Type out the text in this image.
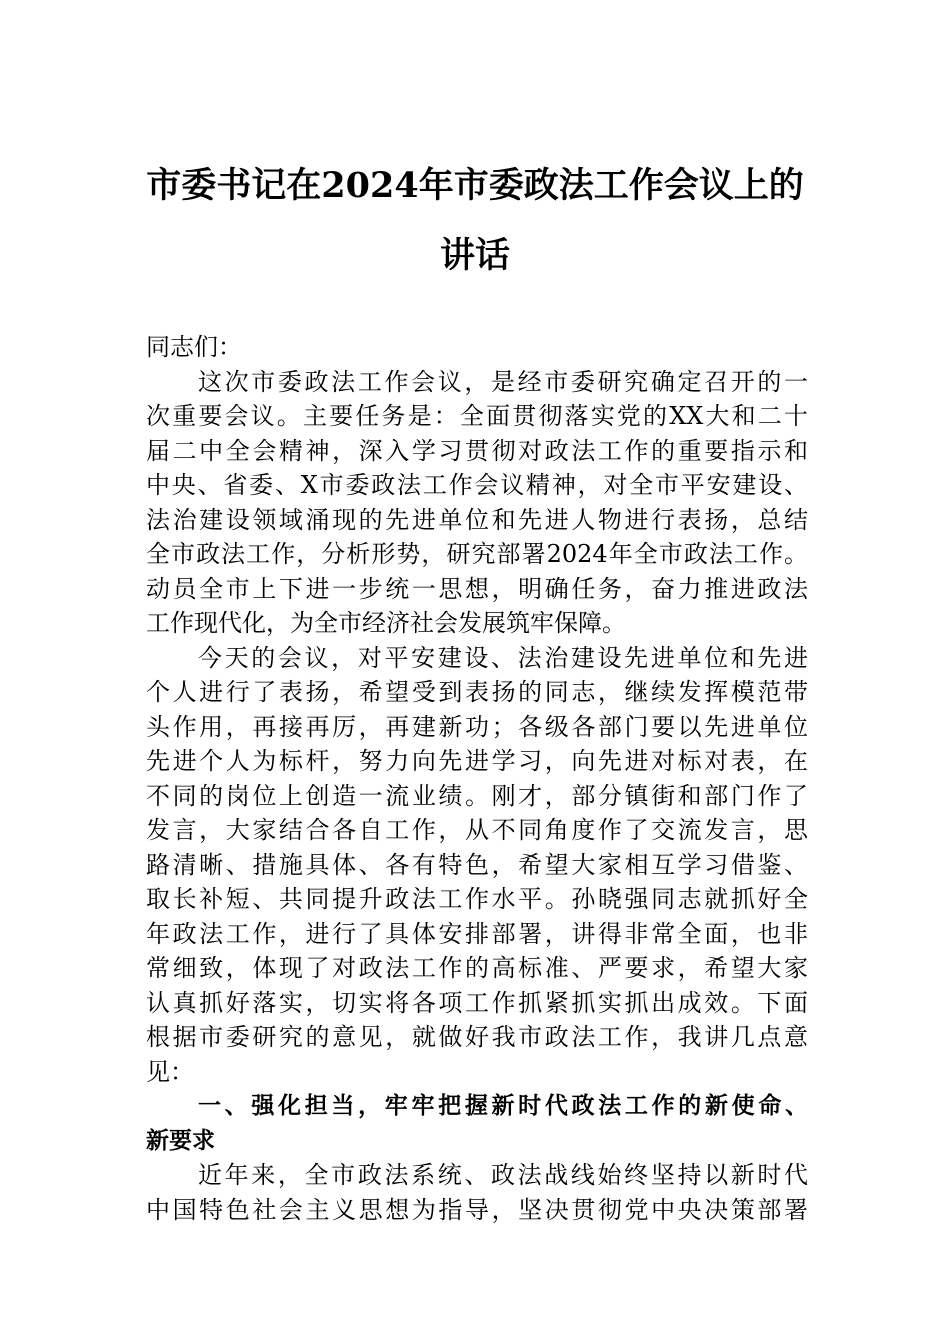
市委书记在2024年市委政法工作会议上的
讲话
同志们：
这次市委政法工作会议，是经市委研究确定召开的一
次重要会议。主要任务是：全面贯彻落实党的XX大和二十
届二中全会精神，深入学习贯彻对政法工作的重要指示和
中央、省委、X市委政法工作会议精神，对全市平安建设、
法治建设领域涌现的先进单位和先进人物进行表扬，总结
全市政法工作，分析形势，研究部署2024年全市政法工作。
动员全市上下进一步统一思想，明确任务，奋力推进政法
工作现代化，为全市经济社会发展筑牢保障。
今天的会议，对平安建设、法治建设先进单位和先进
个人进行了表扬，希望受到表扬的同志，继续发挥模范带
头作用，再接再厉，再建新功；各级各部门要以先进单位
先进个人为标杆，努力向先进学习，向先进对标对表，在
不同的岗位上创造一流业绩。刚才，部分镇街和部门作了
发言，大家结合各自工作，从不同角度作了交流发言，思
路清晰、措施具体、各有特色，希望大家相互学习借鉴、
取长补短、共同提升政法工作水平。孙晓强同志就抓好全
年政法工作，进行了具体安排部署，讲得非常全面，也非
常细致，体现了对政法工作的高标准、严要求，希望大家
认真抓好落实，切实将各项工作抓紧抓实抓出成效。下面
根据市委研究的意见，就做好我市政法工作，我讲几点意
见：
一、强化担当，牢牢把握新时代政法工作的新使命、
新要求
近年来，全市政法系统、政法战线始终坚持以新时代
中国特色社会主义思想为指导，坚决贯彻党中央决策部署
